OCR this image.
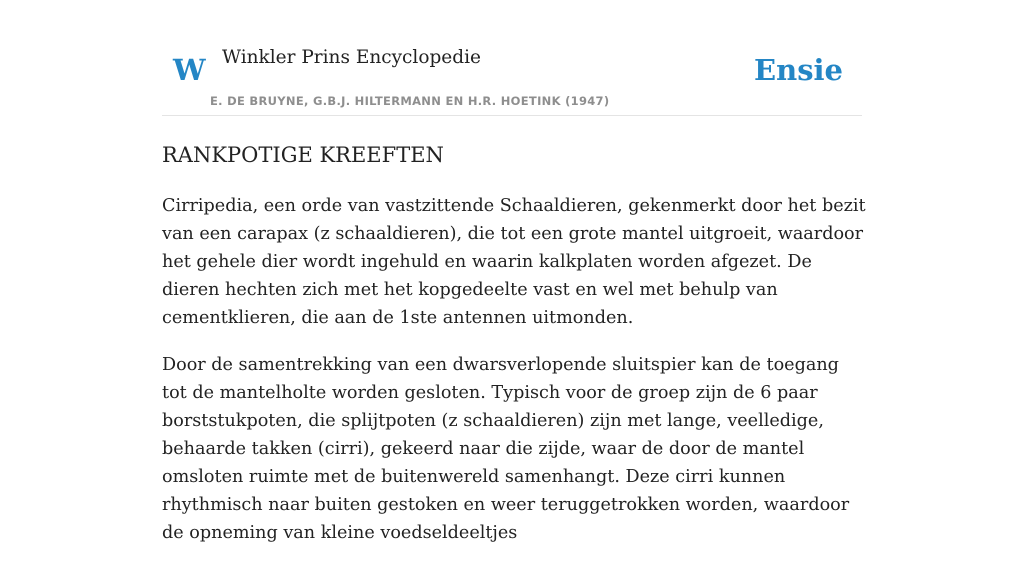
W Winkler Prins Encyclopedie
E. DE BRUYNE, G.B.J. HILTERMANN EN H.R. HOETINK (1947)
Ensie
RANKPOTIGE KREEFTEN

Cirripedia, een orde van vastzittende Schaaldieren, gekenmerkt door het bezit van een carapax (z schaaldieren), die tot een grote mantel uitgroeit, waardoor het gehele dier wordt ingehuld en waarin kalkplaten worden afgezet. De dieren hechten zich met het kopgedeelte vast en wel met behulp van cementklieren, die aan de 1ste antennen uitmonden.

Door de samentrekking van een dwarsverlopende sluitspier kan de toegang tot de mantelholte worden gesloten. Typisch voor de groep zijn de 6 paar borststukpoten, die splijtpoten (z schaaldieren) zijn met lange, veelledige, behaarde takken (cirri), gekeerd naar die zijde, waar de door de mantel omsloten ruimte met de buitenwereld samenhangt. Deze cirri kunnen rhythmisch naar buiten gestoken en weer teruggetrokken worden, waardoor de opneming van kleine voedseldeeltjes
